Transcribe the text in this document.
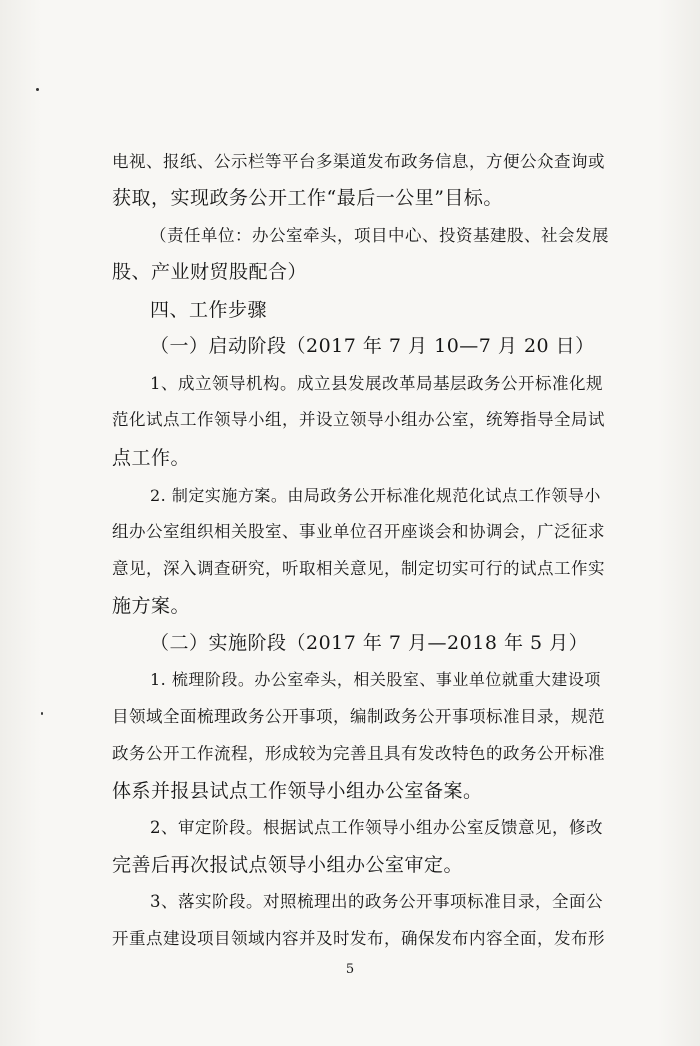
电视、报纸、公示栏等平台多渠道发布政务信息，方便公众查询或
获取，实现政务公开工作“最后一公里”目标。
（责任单位：办公室牵头，项目中心、投资基建股、社会发展
股、产业财贸股配合）
四、工作步骤
（一）启动阶段（2017 年 7 月 10—7 月 20 日）
1、成立领导机构。成立县发展改革局基层政务公开标准化规
范化试点工作领导小组，并设立领导小组办公室，统筹指导全局试
点工作。
2. 制定实施方案。由局政务公开标准化规范化试点工作领导小
组办公室组织相关股室、事业单位召开座谈会和协调会，广泛征求
意见，深入调查研究，听取相关意见，制定切实可行的试点工作实
施方案。
（二）实施阶段（2017 年 7 月—2018 年 5 月）
1. 梳理阶段。办公室牵头，相关股室、事业单位就重大建设项
目领域全面梳理政务公开事项，编制政务公开事项标准目录，规范
政务公开工作流程，形成较为完善且具有发改特色的政务公开标准
体系并报县试点工作领导小组办公室备案。
2、审定阶段。根据试点工作领导小组办公室反馈意见，修改
完善后再次报试点领导小组办公室审定。
3、落实阶段。对照梳理出的政务公开事项标准目录，全面公
开重点建设项目领域内容并及时发布，确保发布内容全面，发布形
5
